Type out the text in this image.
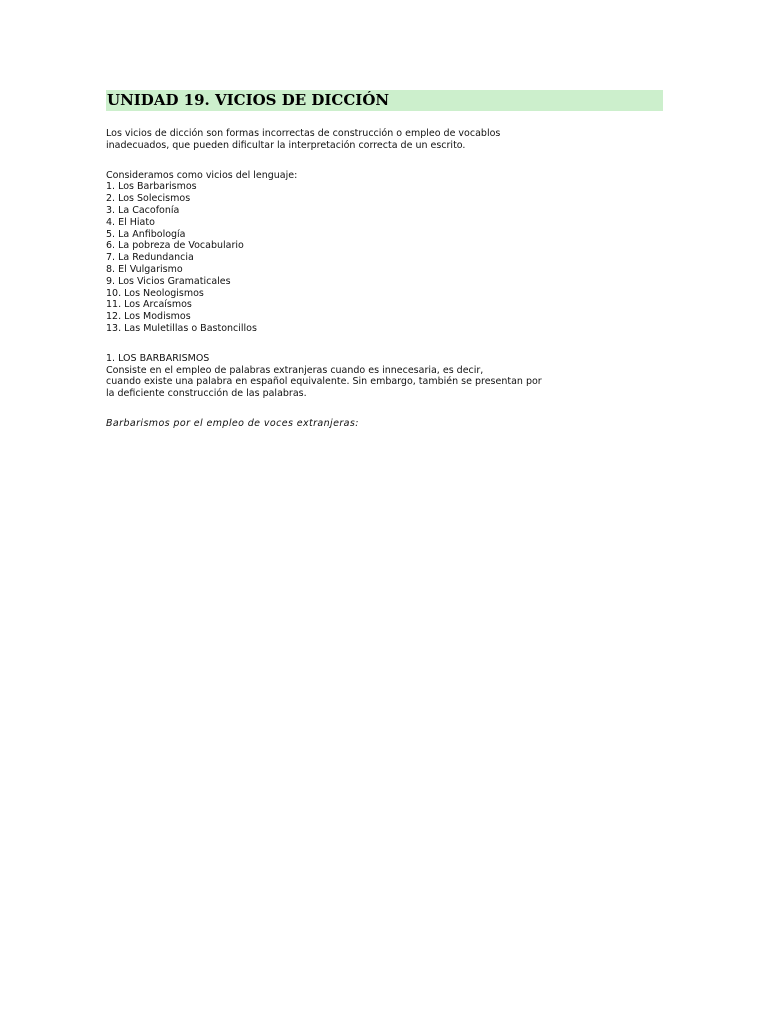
UNIDAD 19. VICIOS DE DICCIÓN
Los vicios de dicción son formas incorrectas de construcción o empleo de vocablos
inadecuados, que pueden dificultar la interpretación correcta de un escrito.
Consideramos como vicios del lenguaje:
1. Los Barbarismos
2. Los Solecismos
3. La Cacofonía
4. El Hiato
5. La Anfibología
6. La pobreza de Vocabulario
7. La Redundancia
8. El Vulgarismo
9. Los Vicios Gramaticales
10. Los Neologismos
11. Los Arcaísmos
12. Los Modismos
13. Las Muletillas o Bastoncillos
1. LOS BARBARISMOS
Consiste en el empleo de palabras extranjeras cuando es innecesaria, es decir,
cuando existe una palabra en español equivalente. Sin embargo, también se presentan por
la deficiente construcción de las palabras.
Barbarismos por el empleo de voces extranjeras:
